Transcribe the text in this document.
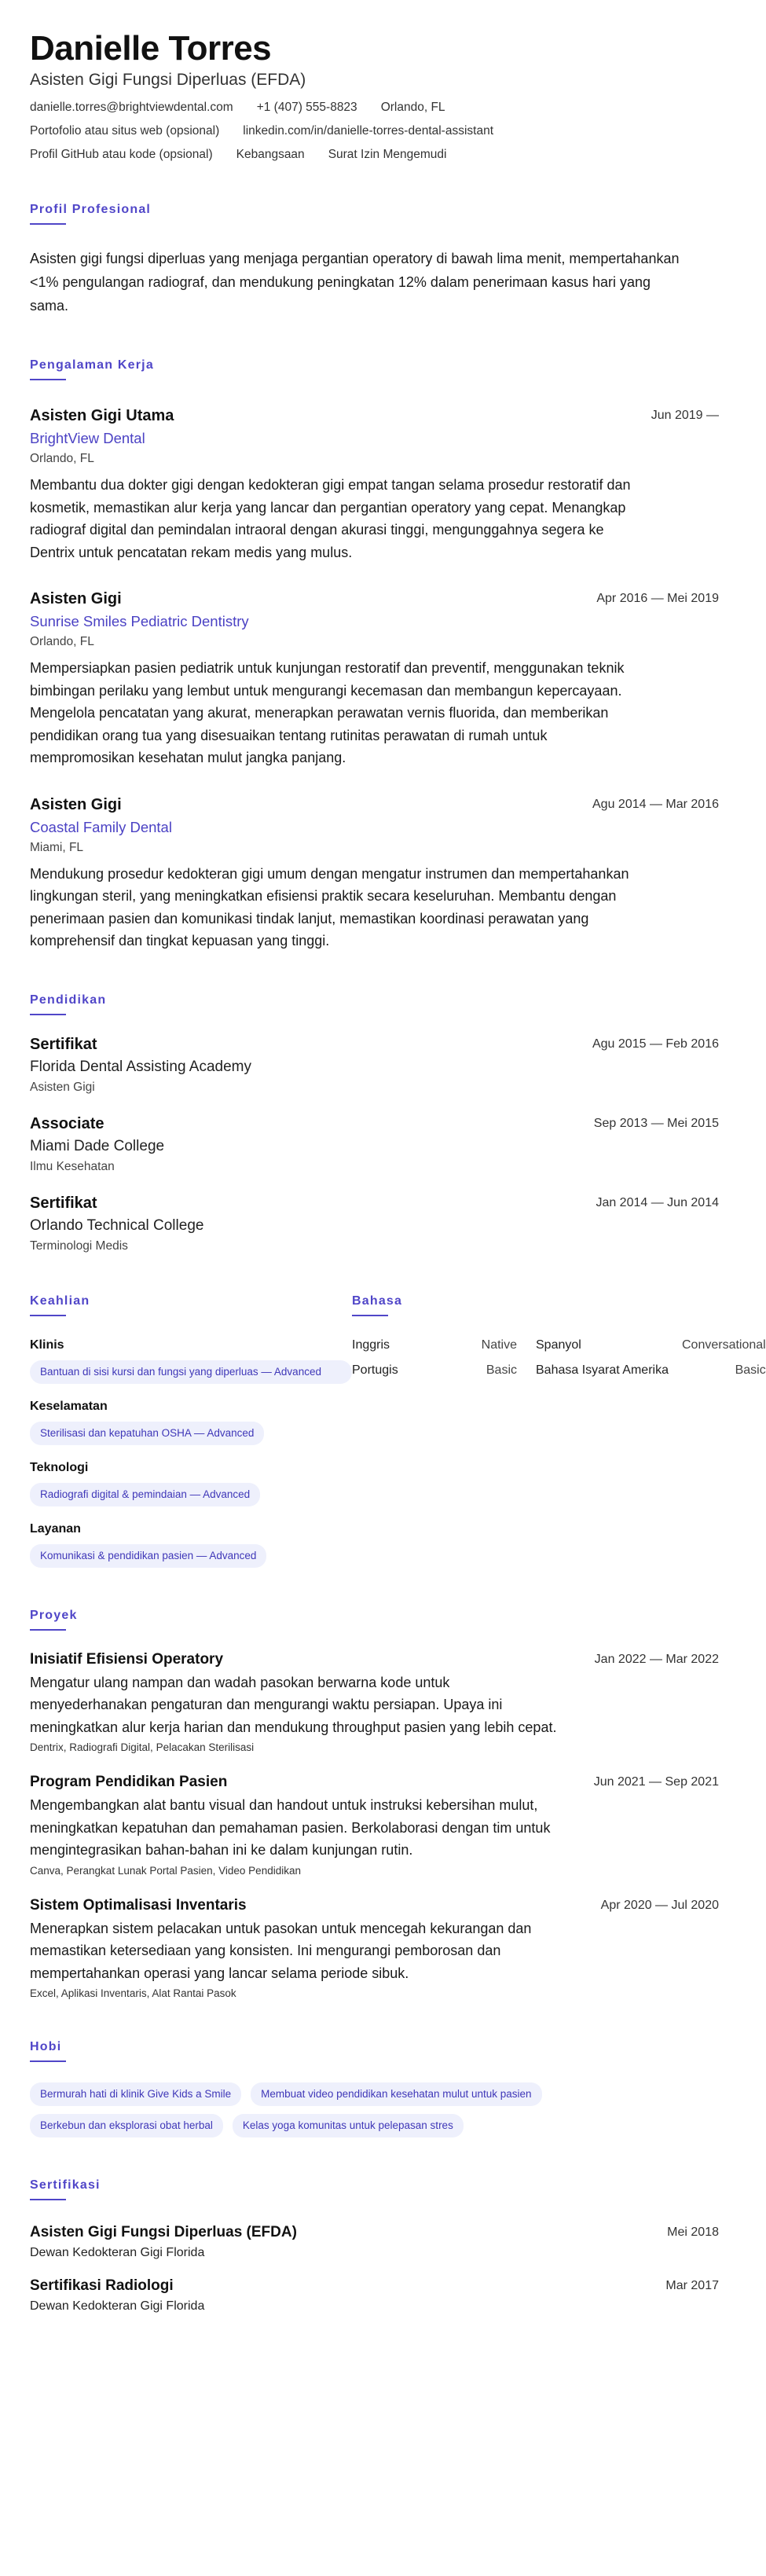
Danielle Torres
Asisten Gigi Fungsi Diperluas (EFDA)
danielle.torres@brightviewdental.com +1 (407) 555-8823 Orlando, FL
Portofolio atau situs web (opsional) linkedin.com/in/danielle-torres-dental-assistant
Profil GitHub atau kode (opsional) Kebangsaan Surat Izin Mengemudi
Profil Profesional

Asisten gigi fungsi diperluas yang menjaga pergantian operatory di bawah lima menit, mempertahankan <1% pengulangan radiograf, dan mendukung peningkatan 12% dalam penerimaan kasus hari yang sama.

Pengalaman Kerja
Asisten Gigi Utama	Jun 2019 —
BrightView Dental
Orlando, FL

Membantu dua dokter gigi dengan kedokteran gigi empat tangan selama prosedur restoratif dan kosmetik, memastikan alur kerja yang lancar dan pergantian operatory yang cepat. Menangkap radiograf digital dan pemindalan intraoral dengan akurasi tinggi, mengunggahnya segera ke Dentrix untuk pencatatan rekam medis yang mulus.

Asisten Gigi	Apr 2016 — Mei 2019
Sunrise Smiles Pediatric Dentistry
Orlando, FL

Mempersiapkan pasien pediatrik untuk kunjungan restoratif dan preventif, menggunakan teknik bimbingan perilaku yang lembut untuk mengurangi kecemasan dan membangun kepercayaan. Mengelola pencatatan yang akurat, menerapkan perawatan vernis fluorida, dan memberikan pendidikan orang tua yang disesuaikan tentang rutinitas perawatan di rumah untuk mempromosikan kesehatan mulut jangka panjang.

Asisten Gigi	Agu 2014 — Mar 2016
Coastal Family Dental
Miami, FL

Mendukung prosedur kedokteran gigi umum dengan mengatur instrumen dan mempertahankan lingkungan steril, yang meningkatkan efisiensi praktik secara keseluruhan. Membantu dengan penerimaan pasien dan komunikasi tindak lanjut, memastikan koordinasi perawatan yang komprehensif dan tingkat kepuasan yang tinggi.

Pendidikan
Sertifikat	Agu 2015 — Feb 2016
Florida Dental Assisting Academy
Asisten Gigi
Associate	Sep 2013 — Mei 2015
Miami Dade College
Ilmu Kesehatan
Sertifikat	Jan 2014 — Jun 2014
Orlando Technical College
Terminologi Medis
Keahlian
Klinis
Bantuan di sisi kursi dan fungsi yang diperluas — Advanced
Keselamatan
Sterilisasi dan kepatuhan OSHA — Advanced
Teknologi
Radiografi digital & pemindaian — Advanced
Layanan
Komunikasi & pendidikan pasien — Advanced
Bahasa
Inggris	Native	Spanyol	Conversational
Portugis	Basic	Bahasa Isyarat Amerika	Basic
Proyek
Inisiatif Efisiensi Operatory	Jan 2022 — Mar 2022

Mengatur ulang nampan dan wadah pasokan berwarna kode untuk menyederhanakan pengaturan dan mengurangi waktu persiapan. Upaya ini meningkatkan alur kerja harian dan mendukung throughput pasien yang lebih cepat.

Dentrix, Radiografi Digital, Pelacakan Sterilisasi
Program Pendidikan Pasien	Jun 2021 — Sep 2021

Mengembangkan alat bantu visual dan handout untuk instruksi kebersihan mulut, meningkatkan kepatuhan dan pemahaman pasien. Berkolaborasi dengan tim untuk mengintegrasikan bahan-bahan ini ke dalam kunjungan rutin.

Canva, Perangkat Lunak Portal Pasien, Video Pendidikan
Sistem Optimalisasi Inventaris	Apr 2020 — Jul 2020

Menerapkan sistem pelacakan untuk pasokan untuk mencegah kekurangan dan memastikan ketersediaan yang konsisten. Ini mengurangi pemborosan dan mempertahankan operasi yang lancar selama periode sibuk.

Excel, Aplikasi Inventaris, Alat Rantai Pasok
Hobi
Bermurah hati di klinik Give Kids a Smile	Membuat video pendidikan kesehatan mulut untuk pasien
Berkebun dan eksplorasi obat herbal	Kelas yoga komunitas untuk pelepasan stres
Sertifikasi
Asisten Gigi Fungsi Diperluas (EFDA)	Mei 2018
Dewan Kedokteran Gigi Florida
Sertifikasi Radiologi	Mar 2017
Dewan Kedokteran Gigi Florida
